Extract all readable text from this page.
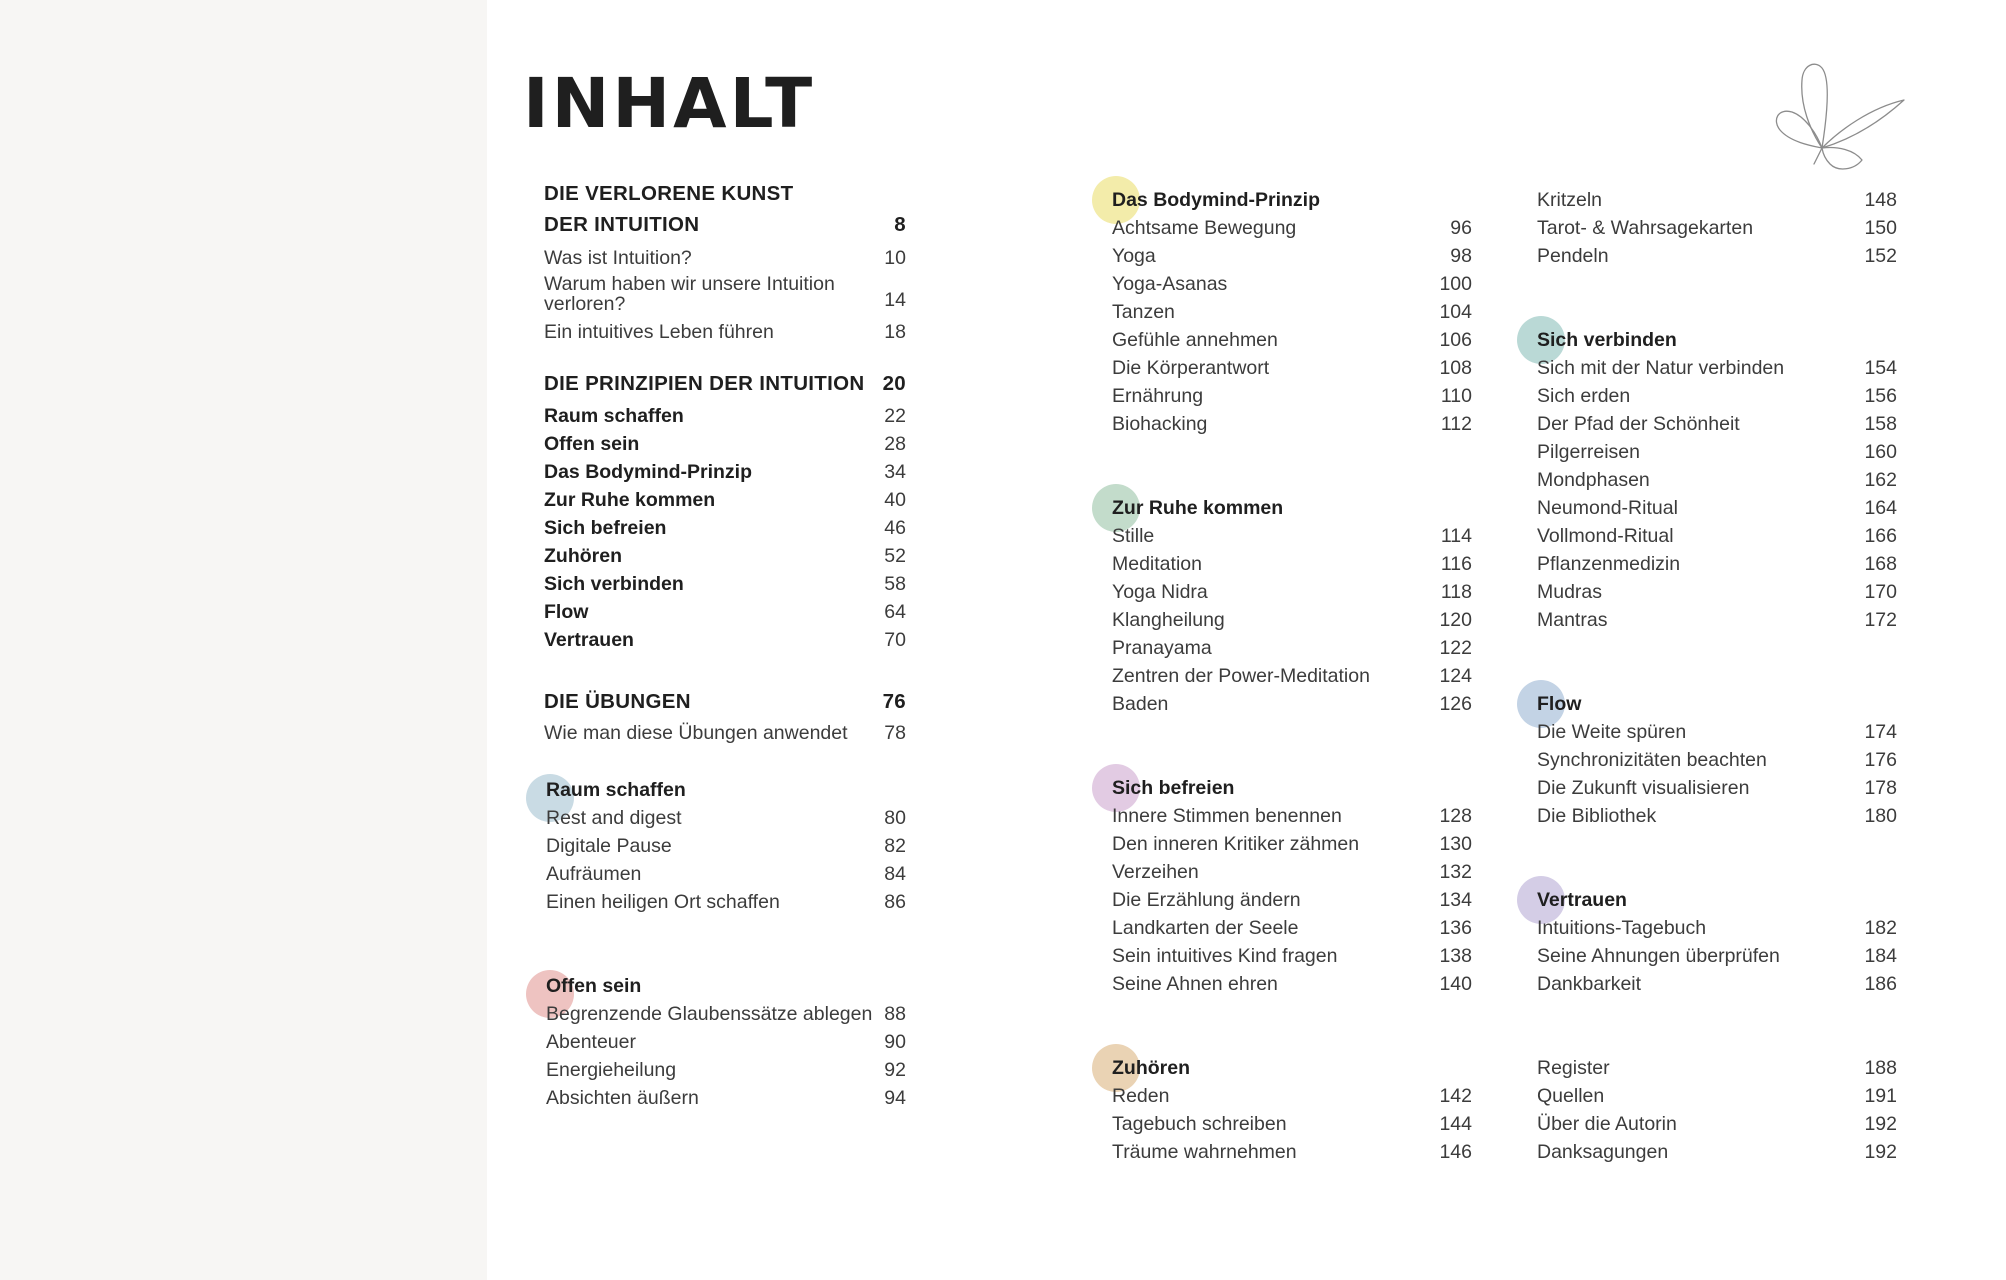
INHALT
DIE VERLORENE KUNST
DER INTUITION	8
Was ist Intuition?	10
Warum haben wir unsere Intuition verloren?	14
Ein intuitives Leben führen	18
DIE PRINZIPIEN DER INTUITION 20
Raum schaffen	22
Offen sein	28
Das Bodymind-Prinzip	34
Zur Ruhe kommen	40
Sich befreien	46
Zuhören	52
Sich verbinden	58
Flow	64
Vertrauen	70
DIE ÜBUNGEN	76
Wie man diese Übungen anwendet 78
Raum schaffen
Rest and digest	80
Digitale Pause	82
Aufräumen	84
Einen heiligen Ort schaffen	86
Offen sein
Begrenzende Glaubenssätze ablegen 88
Abenteuer	90
Energieheilung	92
Absichten äußern	94
Das Bodymind-Prinzip
Achtsame Bewegung	96
Yoga	98
Yoga-Asanas	100
Tanzen	104
Gefühle annehmen	106
Die Körperantwort	108
Ernährung	110
Biohacking	112
Zur Ruhe kommen
Stille	114
Meditation	116
Yoga Nidra	118
Klangheilung	120
Pranayama	122
Zentren der Power-Meditation	124
Baden	126
Sich befreien
Innere Stimmen benennen	128
Den inneren Kritiker zähmen	130
Verzeihen	132
Die Erzählung ändern	134
Landkarten der Seele	136
Sein intuitives Kind fragen	138
Seine Ahnen ehren	140
Zuhören
Reden	142
Tagebuch schreiben	144
Träume wahrnehmen	146
Kritzeln	148
Tarot- & Wahrsagekarten	150
Pendeln	152
Sich verbinden
Sich mit der Natur verbinden	154
Sich erden	156
Der Pfad der Schönheit	158
Pilgerreisen	160
Mondphasen	162
Neumond-Ritual	164
Vollmond-Ritual	166
Pflanzenmedizin	168
Mudras	170
Mantras	172
Flow
Die Weite spüren	174
Synchronizitäten beachten	176
Die Zukunft visualisieren	178
Die Bibliothek	180
Vertrauen
Intuitions-Tagebuch	182
Seine Ahnungen überprüfen	184
Dankbarkeit	186
Register	188
Quellen	191
Über die Autorin	192
Danksagungen	192
